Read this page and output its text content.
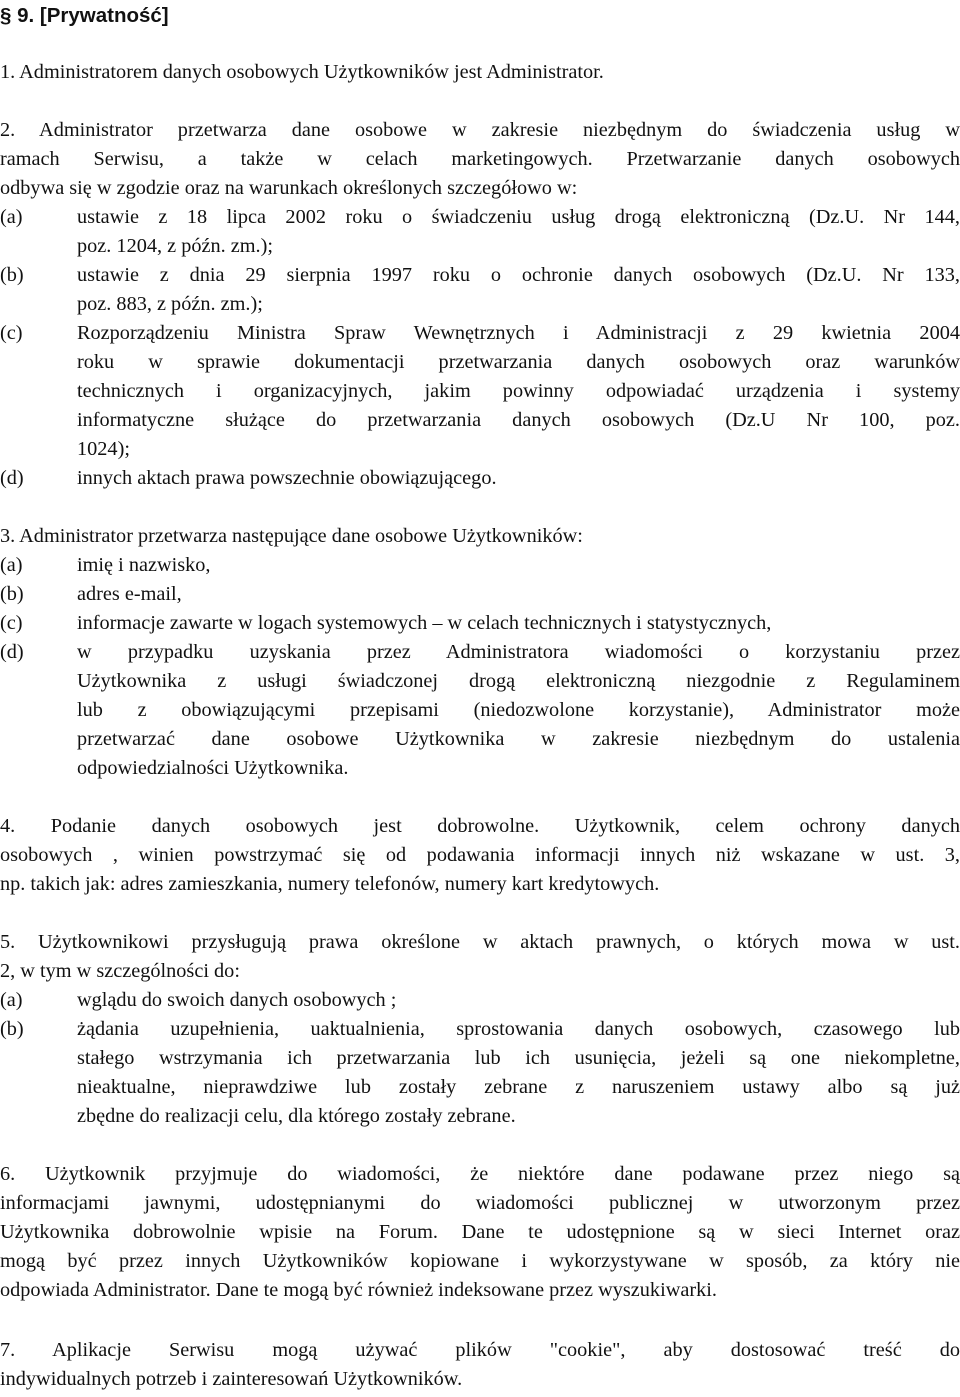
§ 9. [Prywatność]
1. Administratorem danych osobowych Użytkowników jest Administrator.
2. Administrator przetwarza dane osobowe w zakresie niezbędnym do świadczenia usług w
ramach Serwisu, a także w celach marketingowych. Przetwarzanie danych osobowych
odbywa się w zgodzie oraz na warunkach określonych szczegółowo w:
(a)	ustawie z 18 lipca 2002 roku o świadczeniu usług drogą elektroniczną (Dz.U. Nr 144,
poz. 1204, z późn. zm.);
(b)	ustawie z dnia 29 sierpnia 1997 roku o ochronie danych osobowych (Dz.U. Nr 133,
poz. 883, z późn. zm.);
(c)	Rozporządzeniu Ministra Spraw Wewnętrznych i Administracji z 29 kwietnia 2004
roku w sprawie dokumentacji przetwarzania danych osobowych oraz warunków
technicznych i organizacyjnych, jakim powinny odpowiadać urządzenia i systemy
informatyczne służące do przetwarzania danych osobowych (Dz.U Nr 100, poz.
1024);
(d)	innych aktach prawa powszechnie obowiązującego.
3. Administrator przetwarza następujące dane osobowe Użytkowników:
(a)	imię i nazwisko,
(b)	adres e-mail,
(c)	informacje zawarte w logach systemowych – w celach technicznych i statystycznych,
(d)	w przypadku uzyskania przez Administratora wiadomości o korzystaniu przez
Użytkownika z usługi świadczonej drogą elektroniczną niezgodnie z Regulaminem
lub z obowiązującymi przepisami (niedozwolone korzystanie), Administrator może
przetwarzać dane osobowe Użytkownika w zakresie niezbędnym do ustalenia
odpowiedzialności Użytkownika.
4. Podanie danych osobowych jest dobrowolne. Użytkownik, celem ochrony danych
osobowych , winien powstrzymać się od podawania informacji innych niż wskazane w ust. 3,
np. takich jak: adres zamieszkania, numery telefonów, numery kart kredytowych.
5. Użytkownikowi przysługują prawa określone w aktach prawnych, o których mowa w ust.
2, w tym w szczególności do:
(a)	wglądu do swoich danych osobowych ;
(b)	żądania uzupełnienia, uaktualnienia, sprostowania danych osobowych, czasowego lub
stałego wstrzymania ich przetwarzania lub ich usunięcia, jeżeli są one niekompletne,
nieaktualne, nieprawdziwe lub zostały zebrane z naruszeniem ustawy albo są już
zbędne do realizacji celu, dla którego zostały zebrane.
6. Użytkownik przyjmuje do wiadomości, że niektóre dane podawane przez niego są
informacjami jawnymi, udostępnianymi do wiadomości publicznej w utworzonym przez
Użytkownika dobrowolnie wpisie na Forum. Dane te udostępnione są w sieci Internet oraz
mogą być przez innych Użytkowników kopiowane i wykorzystywane w sposób, za który nie
odpowiada Administrator. Dane te mogą być również indeksowane przez wyszukiwarki.
7. Aplikacje Serwisu mogą używać plików "cookie", aby dostosować treść do
indywidualnych potrzeb i zainteresowań Użytkowników.
